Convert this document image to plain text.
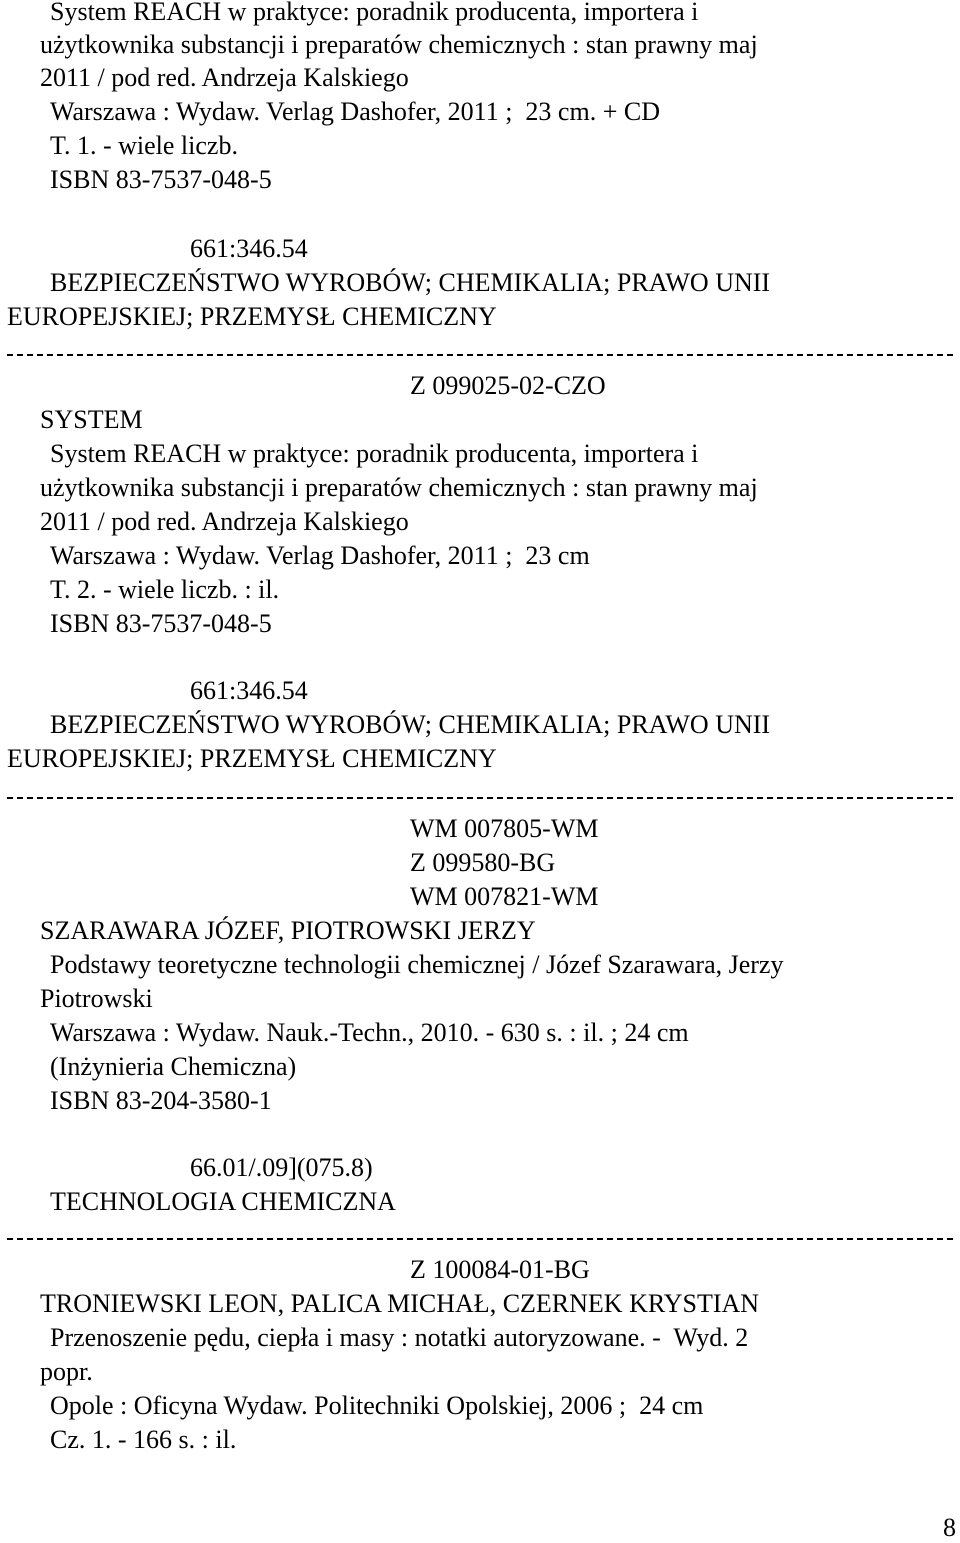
System REACH w praktyce: poradnik producenta, importera i

użytkownika substancji i preparatów chemicznych : stan prawny maj

2011 / pod red. Andrzeja Kalskiego

Warszawa : Wydaw. Verlag Dashofer, 2011 ;  23 cm. + CD

T. 1. - wiele liczb.

ISBN 83-7537-048-5

661:346.54

BEZPIECZEŃSTWO WYROBÓW; CHEMIKALIA; PRAWO UNII

EUROPEJSKIEJ; PRZEMYSŁ CHEMICZNY

Z 099025-02-CZO

SYSTEM

System REACH w praktyce: poradnik producenta, importera i

użytkownika substancji i preparatów chemicznych : stan prawny maj

2011 / pod red. Andrzeja Kalskiego

Warszawa : Wydaw. Verlag Dashofer, 2011 ;  23 cm

T. 2. - wiele liczb. : il.

ISBN 83-7537-048-5

661:346.54

BEZPIECZEŃSTWO WYROBÓW; CHEMIKALIA; PRAWO UNII

EUROPEJSKIEJ; PRZEMYSŁ CHEMICZNY

WM 007805-WM

Z 099580-BG

WM 007821-WM

SZARAWARA JÓZEF, PIOTROWSKI JERZY

Podstawy teoretyczne technologii chemicznej / Józef Szarawara, Jerzy

Piotrowski

Warszawa : Wydaw. Nauk.-Techn., 2010. - 630 s. : il. ; 24 cm

(Inżynieria Chemiczna)

ISBN 83-204-3580-1

66.01/.09](075.8)

TECHNOLOGIA CHEMICZNA

Z 100084-01-BG

TRONIEWSKI LEON, PALICA MICHAŁ, CZERNEK KRYSTIAN

Przenoszenie pędu, ciepła i masy : notatki autoryzowane. -  Wyd. 2

popr.

Opole : Oficyna Wydaw. Politechniki Opolskiej, 2006 ;  24 cm

Cz. 1. - 166 s. : il.

8
